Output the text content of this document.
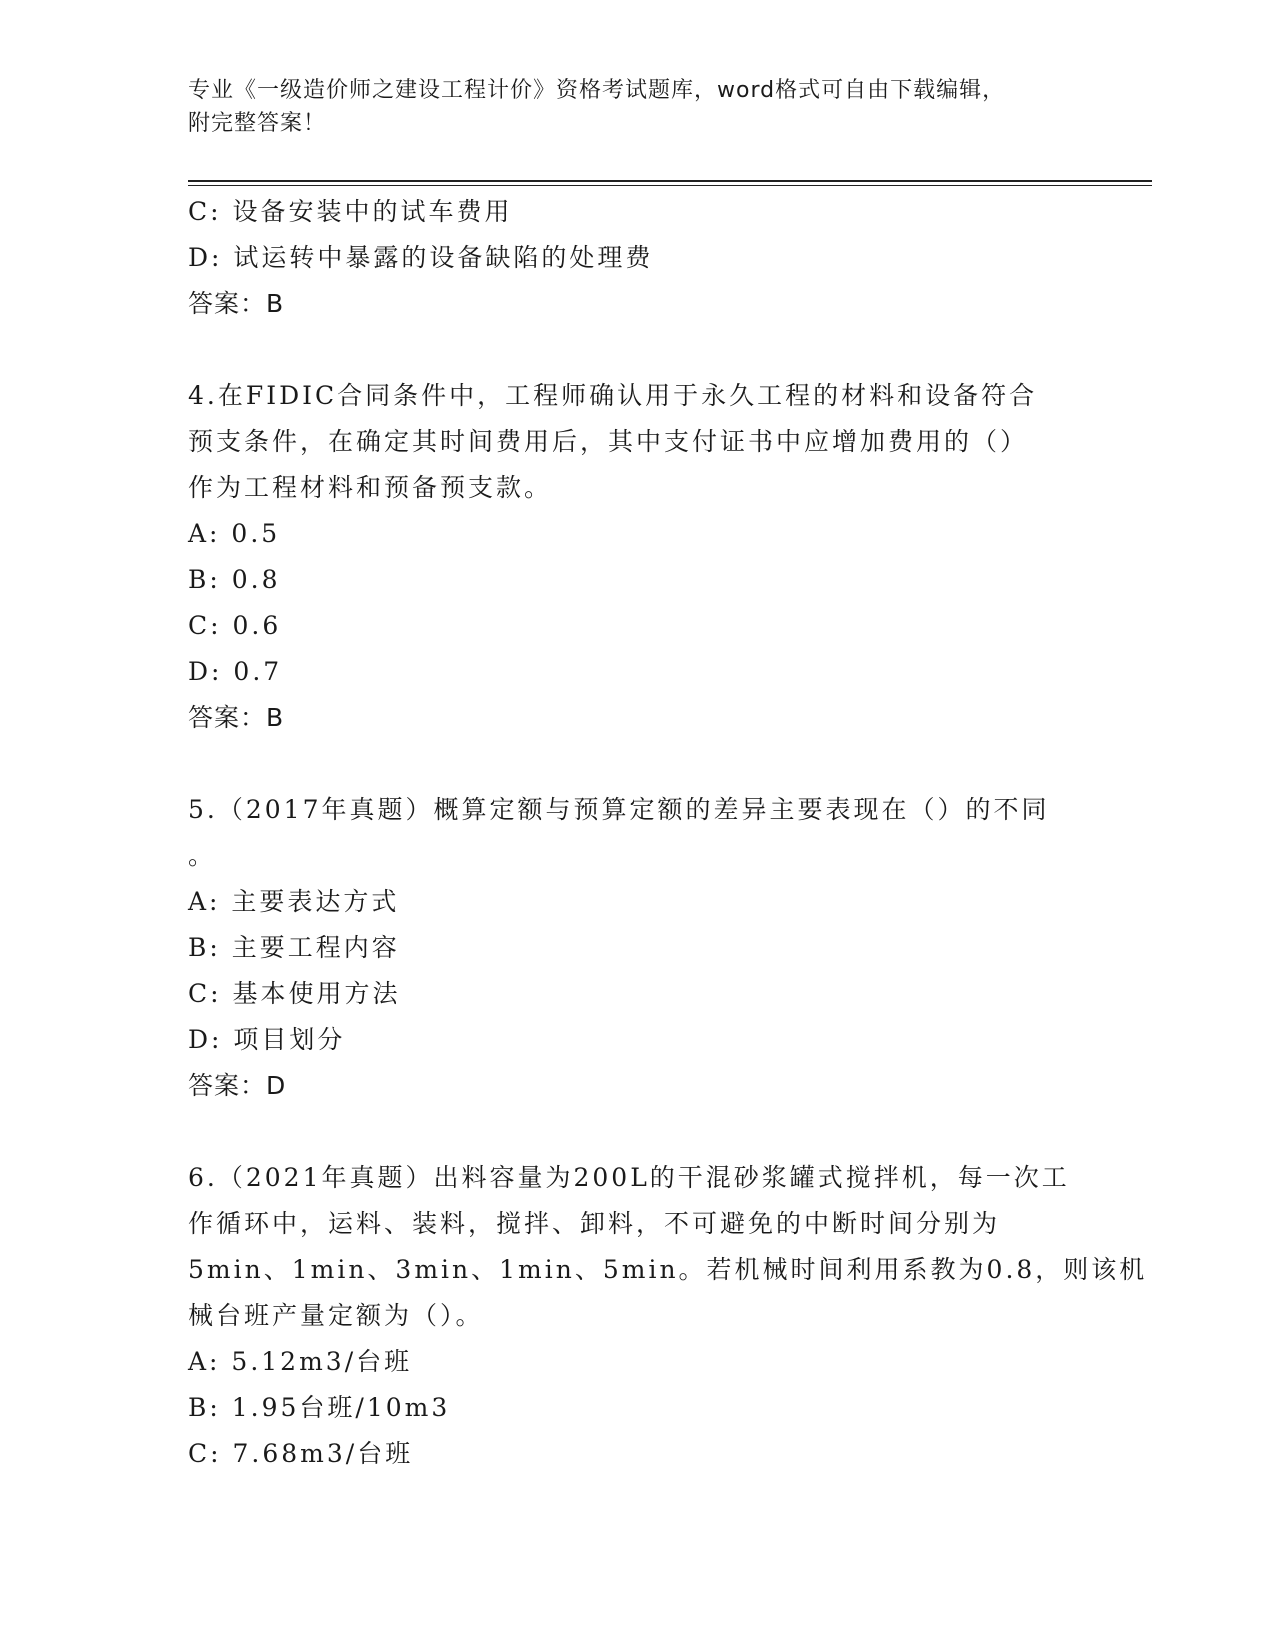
专业《一级造价师之建设工程计价》资格考试题库，word格式可自由下载编辑，
附完整答案！
C: 设备安装中的试车费用
D: 试运转中暴露的设备缺陷的处理费
答案：B
4.在FIDIC合同条件中，工程师确认用于永久工程的材料和设备符合
预支条件，在确定其时间费用后，其中支付证书中应增加费用的（）
作为工程材料和预备预支款。
A: 0.5
B: 0.8
C: 0.6
D: 0.7
答案：B
5.（2017年真题）概算定额与预算定额的差异主要表现在（）的不同
。
A: 主要表达方式
B: 主要工程内容
C: 基本使用方法
D: 项目划分
答案：D
6.（2021年真题）出料容量为200L的干混砂浆罐式搅拌机，每一次工
作循环中，运料、装料，搅拌、卸料，不可避免的中断时间分别为
5min、1min、3min、1min、5min。若机械时间利用系教为0.8，则该机
械台班产量定额为（）。
A: 5.12m3/台班
B: 1.95台班/10m3
C: 7.68m3/台班
